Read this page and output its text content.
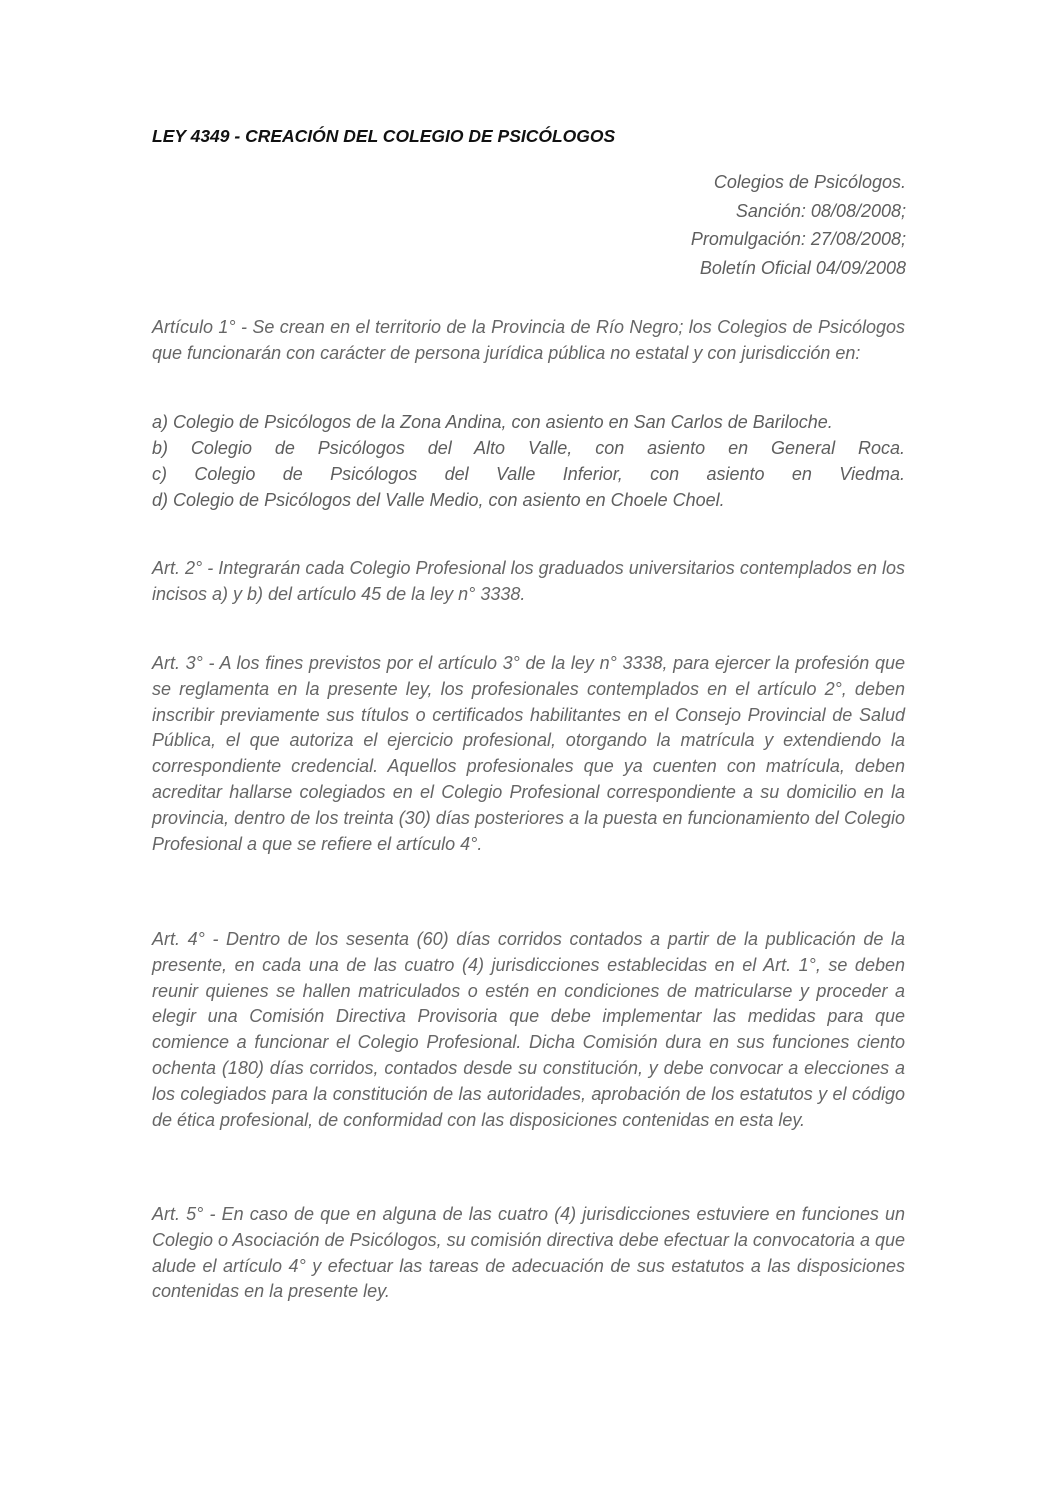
LEY 4349 - CREACIÓN DEL COLEGIO DE PSICÓLOGOS
Colegios de Psicólogos.
Sanción: 08/08/2008;
Promulgación: 27/08/2008;
Boletín Oficial 04/09/2008

Artículo 1° - Se crean en el territorio de la Provincia de Río Negro; los Colegios de Psicólogos que funcionarán con carácter de persona jurídica pública no estatal y con jurisdicción en:

a) Colegio de Psicólogos de la Zona Andina, con asiento en San Carlos de Bariloche.

b) Colegio de Psicólogos del Alto Valle, con asiento en General Roca.

c) Colegio de Psicólogos del Valle Inferior, con asiento en Viedma.

d) Colegio de Psicólogos del Valle Medio, con asiento en Choele Choel.

Art. 2° - Integrarán cada Colegio Profesional los graduados universitarios contemplados en los incisos a) y b) del artículo 45 de la ley n° 3338.

Art. 3° - A los fines previstos por el artículo 3° de la ley n° 3338, para ejercer la profesión que se reglamenta en la presente ley, los profesionales contemplados en el artículo 2°, deben inscribir previamente sus títulos o certificados habilitantes en el Consejo Provincial de Salud Pública, el que autoriza el ejercicio profesional, otorgando la matrícula y extendiendo la correspondiente credencial. Aquellos profesionales que ya cuenten con matrícula, deben acreditar hallarse colegiados en el Colegio Profesional correspondiente a su domicilio en la provincia, dentro de los treinta (30) días posteriores a la puesta en funcionamiento del Colegio Profesional a que se refiere el artículo 4°.

Art. 4° - Dentro de los sesenta (60) días corridos contados a partir de la publicación de la presente, en cada una de las cuatro (4) jurisdicciones establecidas en el Art. 1°, se deben reunir quienes se hallen matriculados o estén en condiciones de matricularse y proceder a elegir una Comisión Directiva Provisoria que debe implementar las medidas para que comience a funcionar el Colegio Profesional. Dicha Comisión dura en sus funciones ciento ochenta (180) días corridos, contados desde su constitución, y debe convocar a elecciones a los colegiados para la constitución de las autoridades, aprobación de los estatutos y el código de ética profesional, de conformidad con las disposiciones contenidas en esta ley.

Art. 5° - En caso de que en alguna de las cuatro (4) jurisdicciones estuviere en funciones un Colegio o Asociación de Psicólogos, su comisión directiva debe efectuar la convocatoria a que alude el artículo 4° y efectuar las tareas de adecuación de sus estatutos a las disposiciones contenidas en la presente ley.
